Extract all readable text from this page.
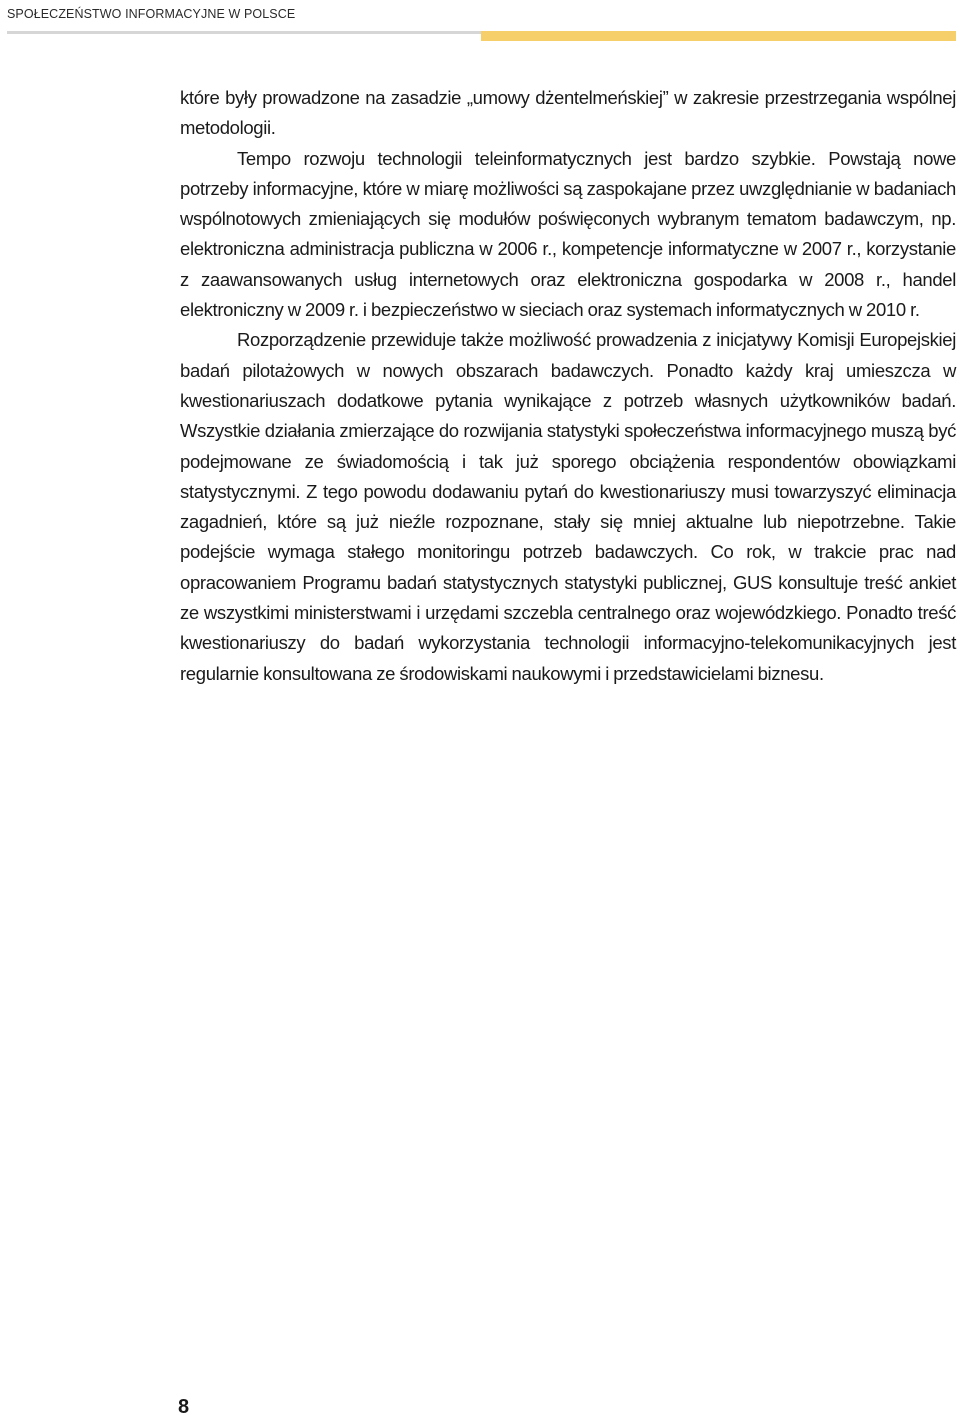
SPOŁECZEŃSTWO INFORMACYJNE W POLSCE

które były prowadzone na zasadzie „umowy dżentelmeńskiej” w zakresie przestrzegania wspólnej metodologii.

Tempo rozwoju technologii teleinformatycznych jest bardzo szybkie. Powstają nowe potrzeby informacyjne, które w miarę możliwości są zaspokajane przez uwzględnianie w badaniach wspólnotowych zmieniających się modułów poświęconych wybranym tematom badawczym, np. elektroniczna administracja publiczna w 2006 r., kompetencje informatyczne w 2007 r., korzystanie z zaawansowanych usług internetowych oraz elektroniczna gospodarka w 2008 r., handel elektroniczny w 2009 r. i bezpieczeństwo w sieciach oraz systemach informatycznych w 2010 r.

Rozporządzenie przewiduje także możliwość prowadzenia z inicjatywy Komisji Europejskiej badań pilotażowych w nowych obszarach badawczych. Ponadto każdy kraj umieszcza w kwestionariuszach dodatkowe pytania wynikające z potrzeb własnych użytkowników badań. Wszystkie działania zmierzające do rozwijania statystyki społeczeństwa informacyjnego muszą być podejmowane ze świadomością i tak już sporego obciążenia respondentów obowiązkami statystycznymi. Z tego powodu dodawaniu pytań do kwestionariuszy musi towarzyszyć eliminacja zagadnień, które są już nieźle rozpoznane, stały się mniej aktualne lub niepotrzebne. Takie podejście wymaga stałego monitoringu potrzeb badawczych. Co rok, w trakcie prac nad opracowaniem Programu badań statystycznych statystyki publicznej, GUS konsultuje treść ankiet ze wszystkimi ministerstwami i urzędami szczebla centralnego oraz wojewódzkiego. Ponadto treść kwestionariuszy do badań wykorzystania technologii informacyjno-telekomunikacyjnych jest regularnie konsultowana ze środowiskami naukowymi i przedstawicielami biznesu.

8
